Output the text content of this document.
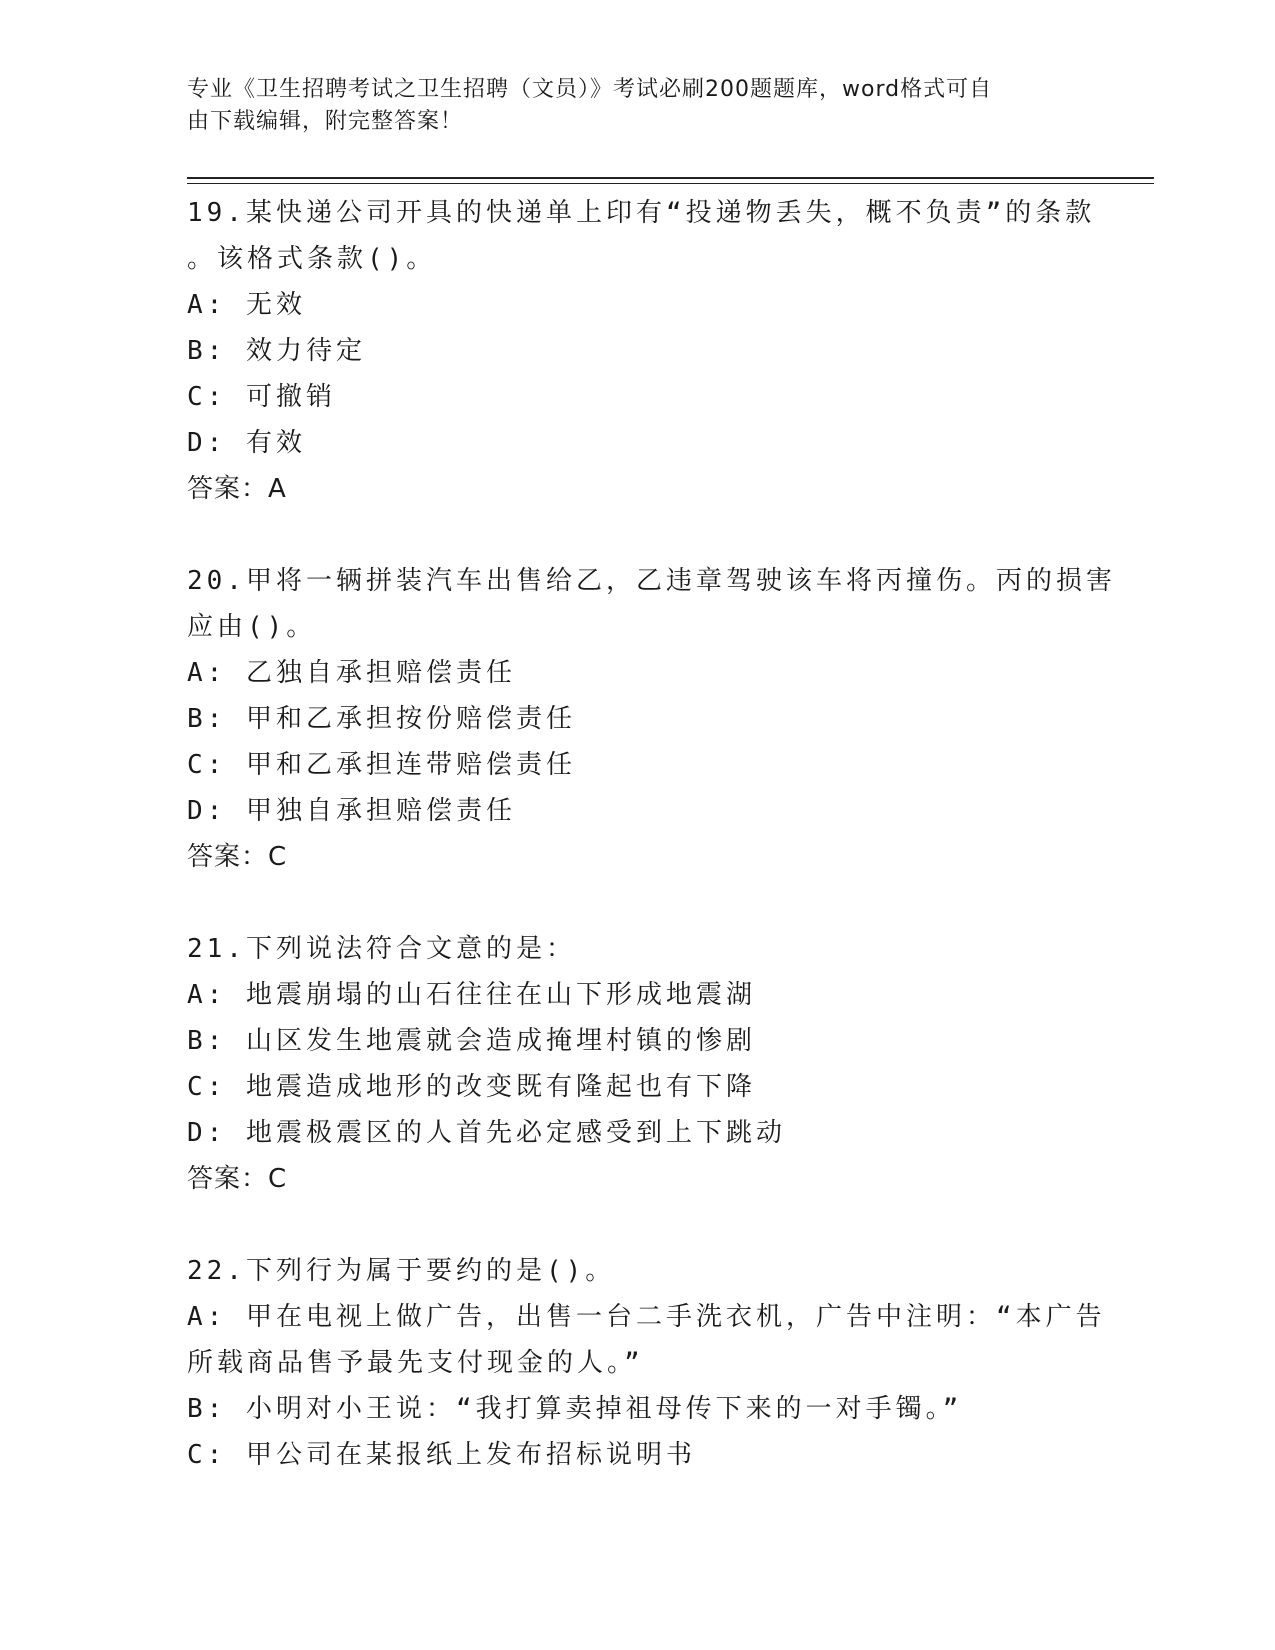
专业《卫生招聘考试之卫生招聘（文员）》考试必刷200题题库，word格式可自
由下载编辑，附完整答案！
19.某快递公司开具的快递单上印有“投递物丢失，概不负责”的条款
。该格式条款()。
A: 无效
B: 效力待定
C: 可撤销
D: 有效
答案：A
20.甲将一辆拼装汽车出售给乙，乙违章驾驶该车将丙撞伤。丙的损害
应由()。
A: 乙独自承担赔偿责任
B: 甲和乙承担按份赔偿责任
C: 甲和乙承担连带赔偿责任
D: 甲独自承担赔偿责任
答案：C
21.下列说法符合文意的是：
A: 地震崩塌的山石往往在山下形成地震湖
B: 山区发生地震就会造成掩埋村镇的惨剧
C: 地震造成地形的改变既有隆起也有下降
D: 地震极震区的人首先必定感受到上下跳动
答案：C
22.下列行为属于要约的是()。
A: 甲在电视上做广告，出售一台二手洗衣机，广告中注明：“本广告
所载商品售予最先支付现金的人。”
B: 小明对小王说：“我打算卖掉祖母传下来的一对手镯。”
C: 甲公司在某报纸上发布招标说明书
